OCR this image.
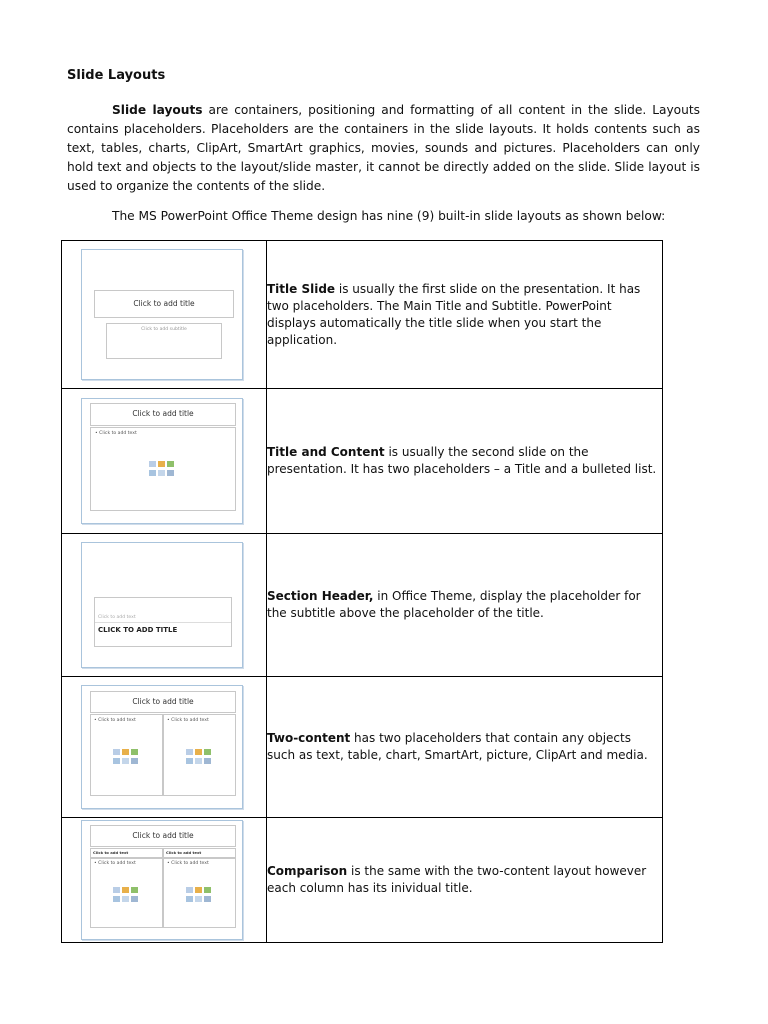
Slide Layouts
Slide layouts are containers, positioning and formatting of all content in the slide. Layouts contains placeholders. Placeholders are the containers in the slide layouts. It holds contents such as text, tables, charts, ClipArt, SmartArt graphics, movies, sounds and pictures. Placeholders can only hold text and objects to the layout/slide master, it cannot be directly added on the slide. Slide layout is used to organize the contents of the slide.
The MS PowerPoint Office Theme design has nine (9) built-in slide layouts as shown below:
Click to add title
Click to add subtitle	Title Slide is usually the first slide on the presentation. It has two placeholders. The Main Title and Subtitle. PowerPoint displays automatically the title slide when you start the application.

Click to add title
• Click to add text	Title and Content is usually the second slide on the presentation. It has two placeholders – a Title and a bulleted list.

Click to add text
CLICK TO ADD TITLE	Section Header, in Office Theme, display the placeholder for the subtitle above the placeholder of the title.

Click to add title
• Click to add text • Click to add text	Two-content has two placeholders that contain any objects such as text, table, chart, SmartArt, picture, ClipArt and media.

Click to add title
Click to add text Click to add text
• Click to add text • Click to add text	Comparison is the same with the two-content layout however each column has its inividual title.
